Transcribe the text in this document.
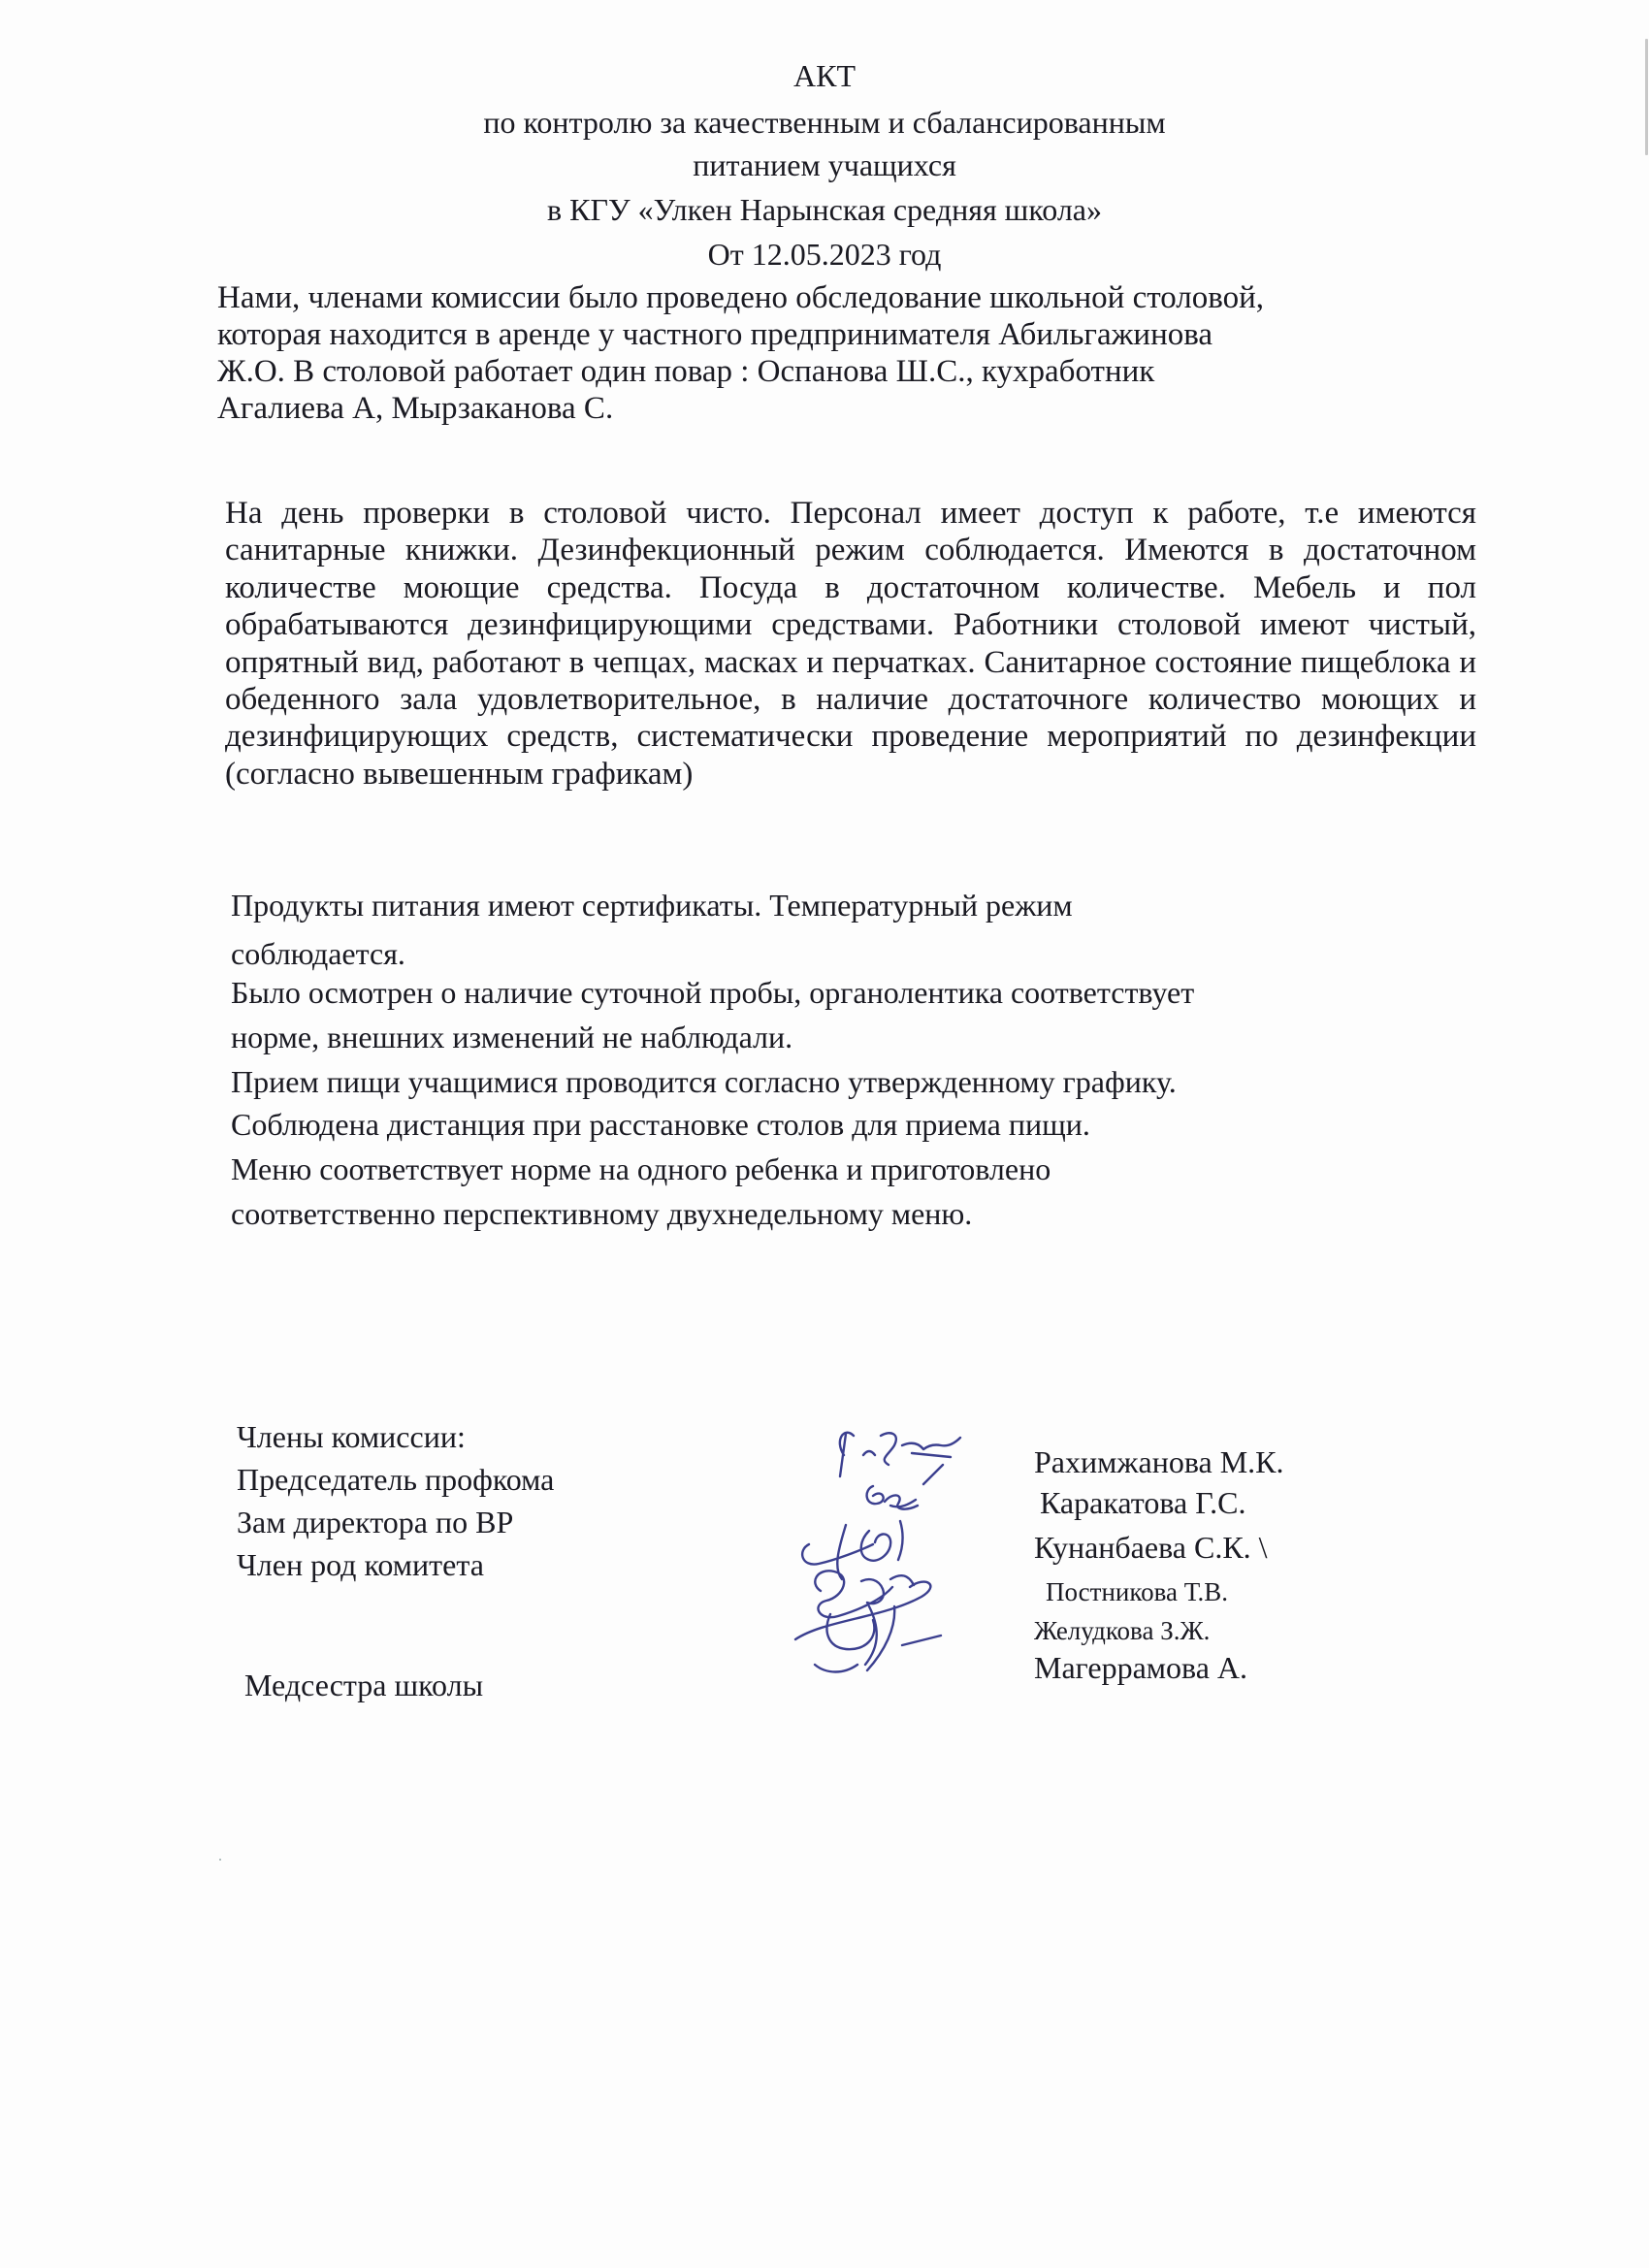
АКТ
по контролю за качественным и сбалансированным
питанием учащихся
в КГУ «Улкен Нарынская средняя школа»
От 12.05.2023 год
Нами, членами комиссии было проведено обследование школьной столовой,
которая находится в аренде у частного предпринимателя Абильгажинова
Ж.О. В столовой работает один повар : Оспанова Ш.С., кухработник
Агалиева А, Мырзаканова С.
На день проверки в столовой чисто. Персонал имеет доступ к работе, т.е имеются санитарные книжки. Дезинфекционный режим соблюдается. Имеются в достаточном количестве моющие средства. Посуда в достаточном количестве. Мебель и пол обрабатываются дезинфицирующими средствами. Работники столовой имеют чистый, опрятный вид, работают в чепцах, масках и перчатках. Санитарное состояние пищеблока и обеденного зала удовлетворительное, в наличие достаточноге количество моющих и дезинфицирующих средств, систематически проведение мероприятий по дезинфекции (согласно вывешенным графикам)
Продукты питания имеют сертификаты. Температурный режим
соблюдается.
Было осмотрен о наличие суточной пробы, органолентика соответствует
норме, внешних изменений не наблюдали.
Прием пищи учащимися проводится согласно утвержденному графику.
Соблюдена дистанция при расстановке столов для приема пищи.
Меню соответствует норме на одного ребенка и приготовлено
соответственно перспективному двухнедельному меню.
Члены комиссии:
Председатель профкома
Зам директора по ВР
Член род комитета
Медсестра школы
Рахимжанова М.К.
Каракатова Г.С.
Кунанбаева С.К. \
Постникова Т.В.
Желудкова З.Ж.
Магеррамова А.
